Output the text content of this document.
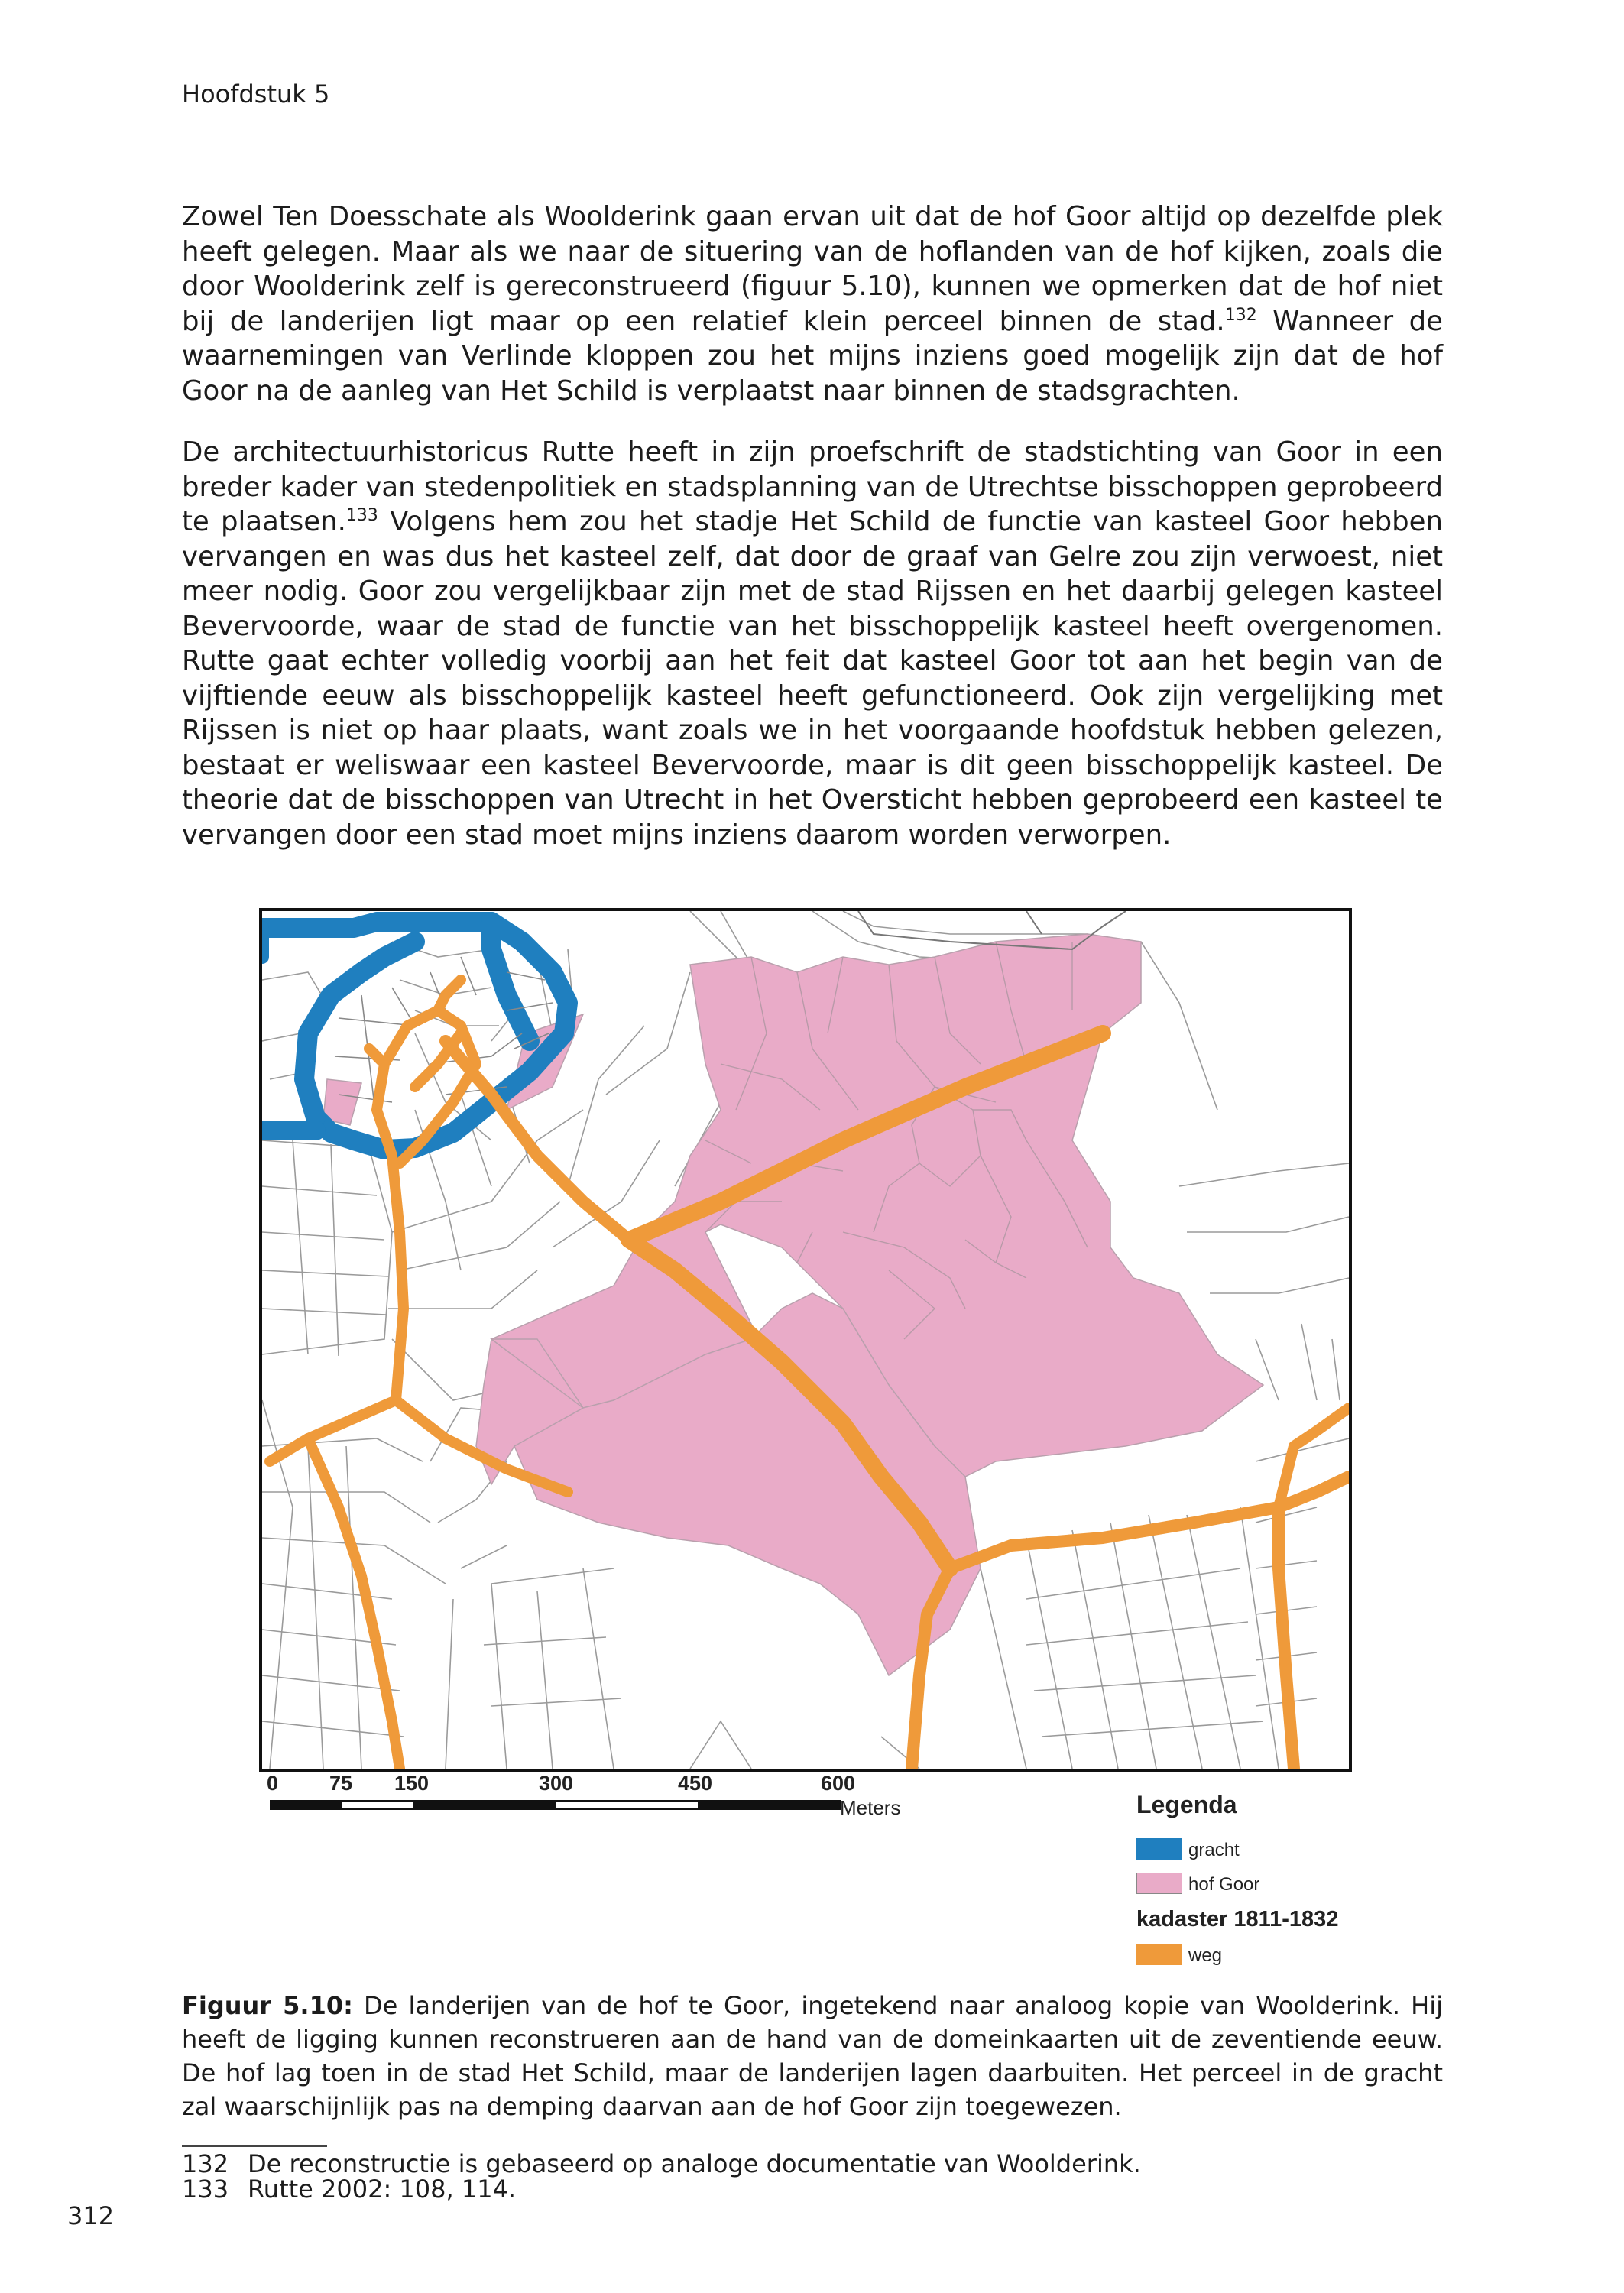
Hoofdstuk 5

Zowel Ten Doesschate als Woolderink gaan ervan uit dat de hof Goor altijd op dezelfde plek heeft gelegen. Maar als we naar de situering van de hoflanden van de hof kijken, zoals die door Woolderink zelf is gereconstrueerd (figuur 5.10), kunnen we opmerken dat de hof niet bij de landerijen ligt maar op een relatief klein perceel binnen de stad.$^{132}$ Wanneer de waarnemingen van Verlinde kloppen zou het mijns inziens goed mogelijk zijn dat de hof Goor na de aanleg van Het Schild is verplaatst naar binnen de stadsgrachten.

De architectuurhistoricus Rutte heeft in zijn proefschrift de stadstichting van Goor in een breder kader van stedenpolitiek en stadsplanning van de Utrechtse bisschoppen geprobeerd te plaatsen.$^{133}$ Volgens hem zou het stadje Het Schild de functie van kasteel Goor hebben vervangen en was dus het kasteel zelf, dat door de graaf van Gelre zou zijn verwoest, niet meer nodig. Goor zou vergelijkbaar zijn met de stad Rijssen en het daarbij gelegen kasteel Bevervoorde, waar de stad de functie van het bisschoppelijk kasteel heeft overgenomen. Rutte gaat echter volledig voorbij aan het feit dat kasteel Goor tot aan het begin van de vijftiende eeuw als bisschoppelijk kasteel heeft gefunctioneerd. Ook zijn vergelijking met Rijssen is niet op haar plaats, want zoals we in het voorgaande hoofdstuk hebben gelezen, bestaat er weliswaar een kasteel Bevervoorde, maar is dit geen bisschoppelijk kasteel. De theorie dat de bisschoppen van Utrecht in het Oversticht hebben geprobeerd een kasteel te vervangen door een stad moet mijns inziens daarom worden verworpen.

0 75 150	300	450	600
Meters	Legenda
gracht
hof Goor
kadaster 1811-1832
weg

Figuur 5.10: De landerijen van de hof te Goor, ingetekend naar analoog kopie van Woolderink. Hij heeft de ligging kunnen reconstrueren aan de hand van de domeinkaarten uit de zeventiende eeuw. De hof lag toen in de stad Het Schild, maar de landerijen lagen daarbuiten. Het perceel in de gracht zal waarschijnlijk pas na demping daarvan aan de hof Goor zijn toegewezen.

132 De reconstructie is gebaseerd op analoge documentatie van Woolderink.
133 Rutte 2002: 108, 114.
312
